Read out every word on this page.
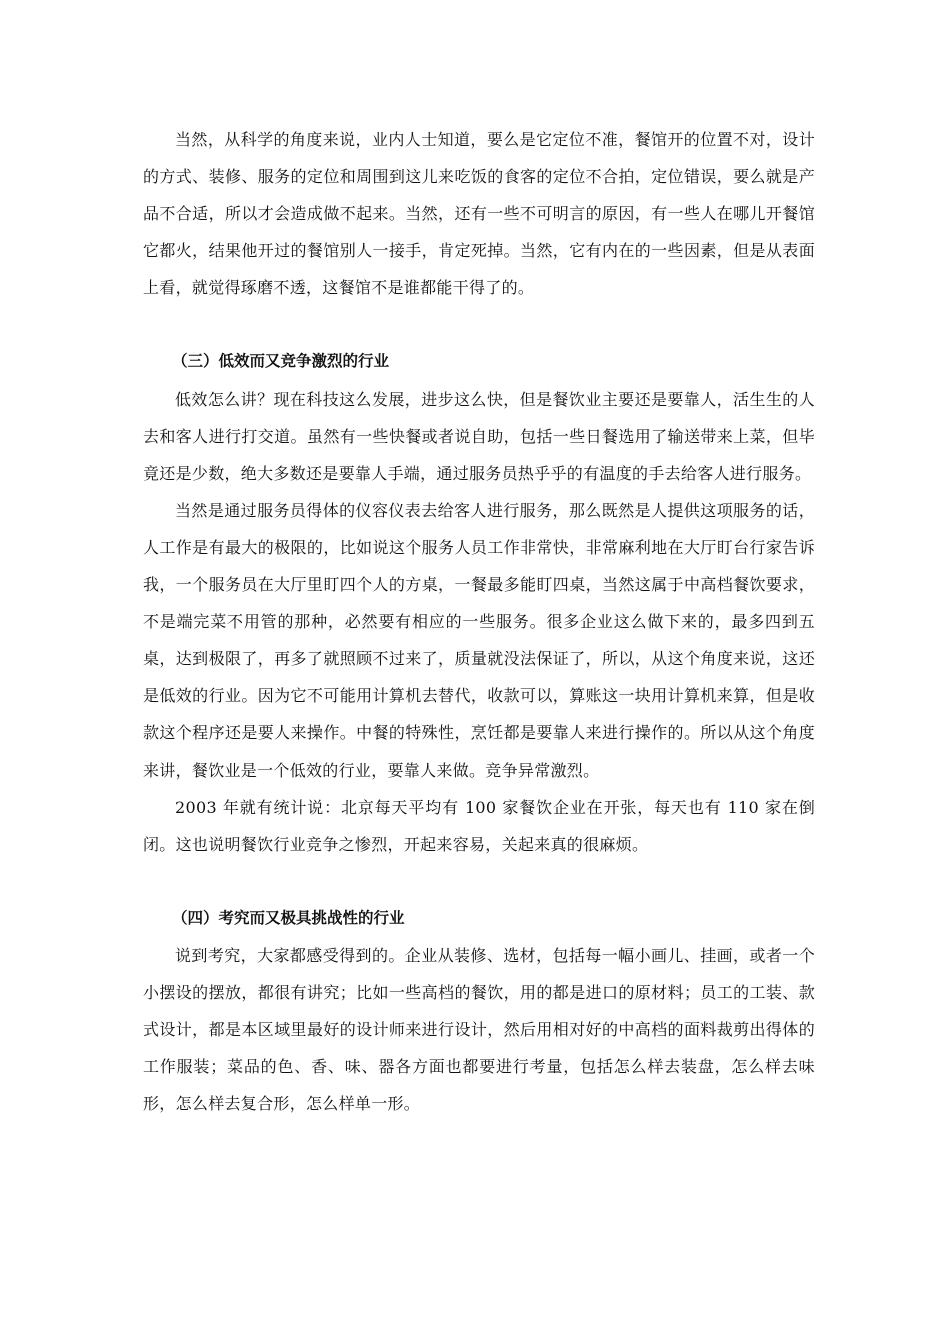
当然，从科学的角度来说，业内人士知道，要么是它定位不准，餐馆开的位置不对，设计的方式、装修、服务的定位和周围到这儿来吃饭的食客的定位不合拍，定位错误，要么就是产品不合适，所以才会造成做不起来。当然，还有一些不可明言的原因，有一些人在哪儿开餐馆它都火，结果他开过的餐馆别人一接手，肯定死掉。当然，它有内在的一些因素，但是从表面上看，就觉得琢磨不透，这餐馆不是谁都能干得了的。

（三）低效而又竞争激烈的行业

低效怎么讲？现在科技这么发展，进步这么快，但是餐饮业主要还是要靠人，活生生的人去和客人进行打交道。虽然有一些快餐或者说自助，包括一些日餐选用了输送带来上菜，但毕竟还是少数，绝大多数还是要靠人手端，通过服务员热乎乎的有温度的手去给客人进行服务。

当然是通过服务员得体的仪容仪表去给客人进行服务，那么既然是人提供这项服务的话，人工作是有最大的极限的，比如说这个服务人员工作非常快，非常麻利地在大厅盯台行家告诉我，一个服务员在大厅里盯四个人的方桌，一餐最多能盯四桌，当然这属于中高档餐饮要求，不是端完菜不用管的那种，必然要有相应的一些服务。很多企业这么做下来的，最多四到五桌，达到极限了，再多了就照顾不过来了，质量就没法保证了，所以，从这个角度来说，这还是低效的行业。因为它不可能用计算机去替代，收款可以，算账这一块用计算机来算，但是收款这个程序还是要人来操作。中餐的特殊性，烹饪都是要靠人来进行操作的。所以从这个角度来讲，餐饮业是一个低效的行业，要靠人来做。竞争异常激烈。

2003 年就有统计说：北京每天平均有 100 家餐饮企业在开张，每天也有 110 家在倒闭。这也说明餐饮行业竞争之惨烈，开起来容易，关起来真的很麻烦。

（四）考究而又极具挑战性的行业

说到考究，大家都感受得到的。企业从装修、选材，包括每一幅小画儿、挂画，或者一个小摆设的摆放，都很有讲究；比如一些高档的餐饮，用的都是进口的原材料；员工的工装、款式设计，都是本区域里最好的设计师来进行设计，然后用相对好的中高档的面料裁剪出得体的工作服装；菜品的色、香、味、器各方面也都要进行考量，包括怎么样去装盘，怎么样去味形，怎么样去复合形，怎么样单一形。
